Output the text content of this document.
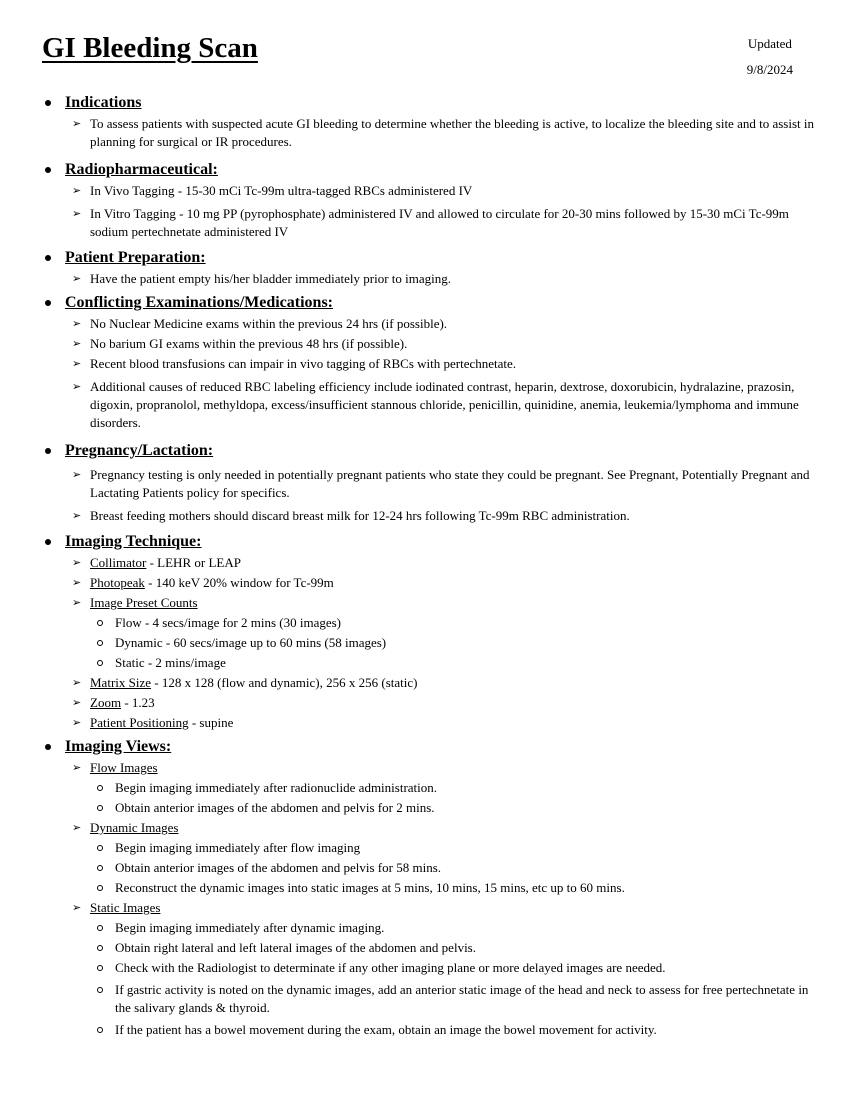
GI Bleeding Scan	Updated
9/8/2024
Indications
➢ To assess patients with suspected acute GI bleeding to determine whether the bleeding is active, to localize the bleeding site and to assist in planning for surgical or IR procedures.
Radiopharmaceutical:
➢ In Vivo Tagging - 15-30 mCi Tc-99m ultra-tagged RBCs administered IV
➢ In Vitro Tagging - 10 mg PP (pyrophosphate) administered IV and allowed to circulate for 20-30 mins followed by 15-30 mCi Tc-99m sodium pertechnetate administered IV
Patient Preparation:
➢ Have the patient empty his/her bladder immediately prior to imaging.
Conflicting Examinations/Medications:
➢ No Nuclear Medicine exams within the previous 24 hrs (if possible).
➢ No barium GI exams within the previous 48 hrs (if possible).
➢ Recent blood transfusions can impair in vivo tagging of RBCs with pertechnetate.
➢ Additional causes of reduced RBC labeling efficiency include iodinated contrast, heparin, dextrose, doxorubicin, hydralazine, prazosin, digoxin, propranolol, methyldopa, excess/insufficient stannous chloride, penicillin, quinidine, anemia, leukemia/lymphoma and immune disorders.
Pregnancy/Lactation:
➢ Pregnancy testing is only needed in potentially pregnant patients who state they could be pregnant. See Pregnant, Potentially Pregnant and Lactating Patients policy for specifics.
➢ Breast feeding mothers should discard breast milk for 12-24 hrs following Tc-99m RBC administration.
Imaging Technique:
➢ Collimator - LEHR or LEAP
➢ Photopeak - 140 keV 20% window for Tc-99m
➢ Image Preset Counts
Flow - 4 secs/image for 2 mins (30 images)
Dynamic - 60 secs/image up to 60 mins (58 images)
Static - 2 mins/image
➢ Matrix Size - 128 x 128 (flow and dynamic), 256 x 256 (static)
➢ Zoom - 1.23
➢ Patient Positioning - supine
Imaging Views:
➢ Flow Images
Begin imaging immediately after radionuclide administration.
Obtain anterior images of the abdomen and pelvis for 2 mins.
➢ Dynamic Images
Begin imaging immediately after flow imaging
Obtain anterior images of the abdomen and pelvis for 58 mins.
Reconstruct the dynamic images into static images at 5 mins, 10 mins, 15 mins, etc up to 60 mins.
➢ Static Images
Begin imaging immediately after dynamic imaging.
Obtain right lateral and left lateral images of the abdomen and pelvis.
Check with the Radiologist to determinate if any other imaging plane or more delayed images are needed.
If gastric activity is noted on the dynamic images, add an anterior static image of the head and neck to assess for free pertechnetate in the salivary glands & thyroid.
If the patient has a bowel movement during the exam, obtain an image the bowel movement for activity.
